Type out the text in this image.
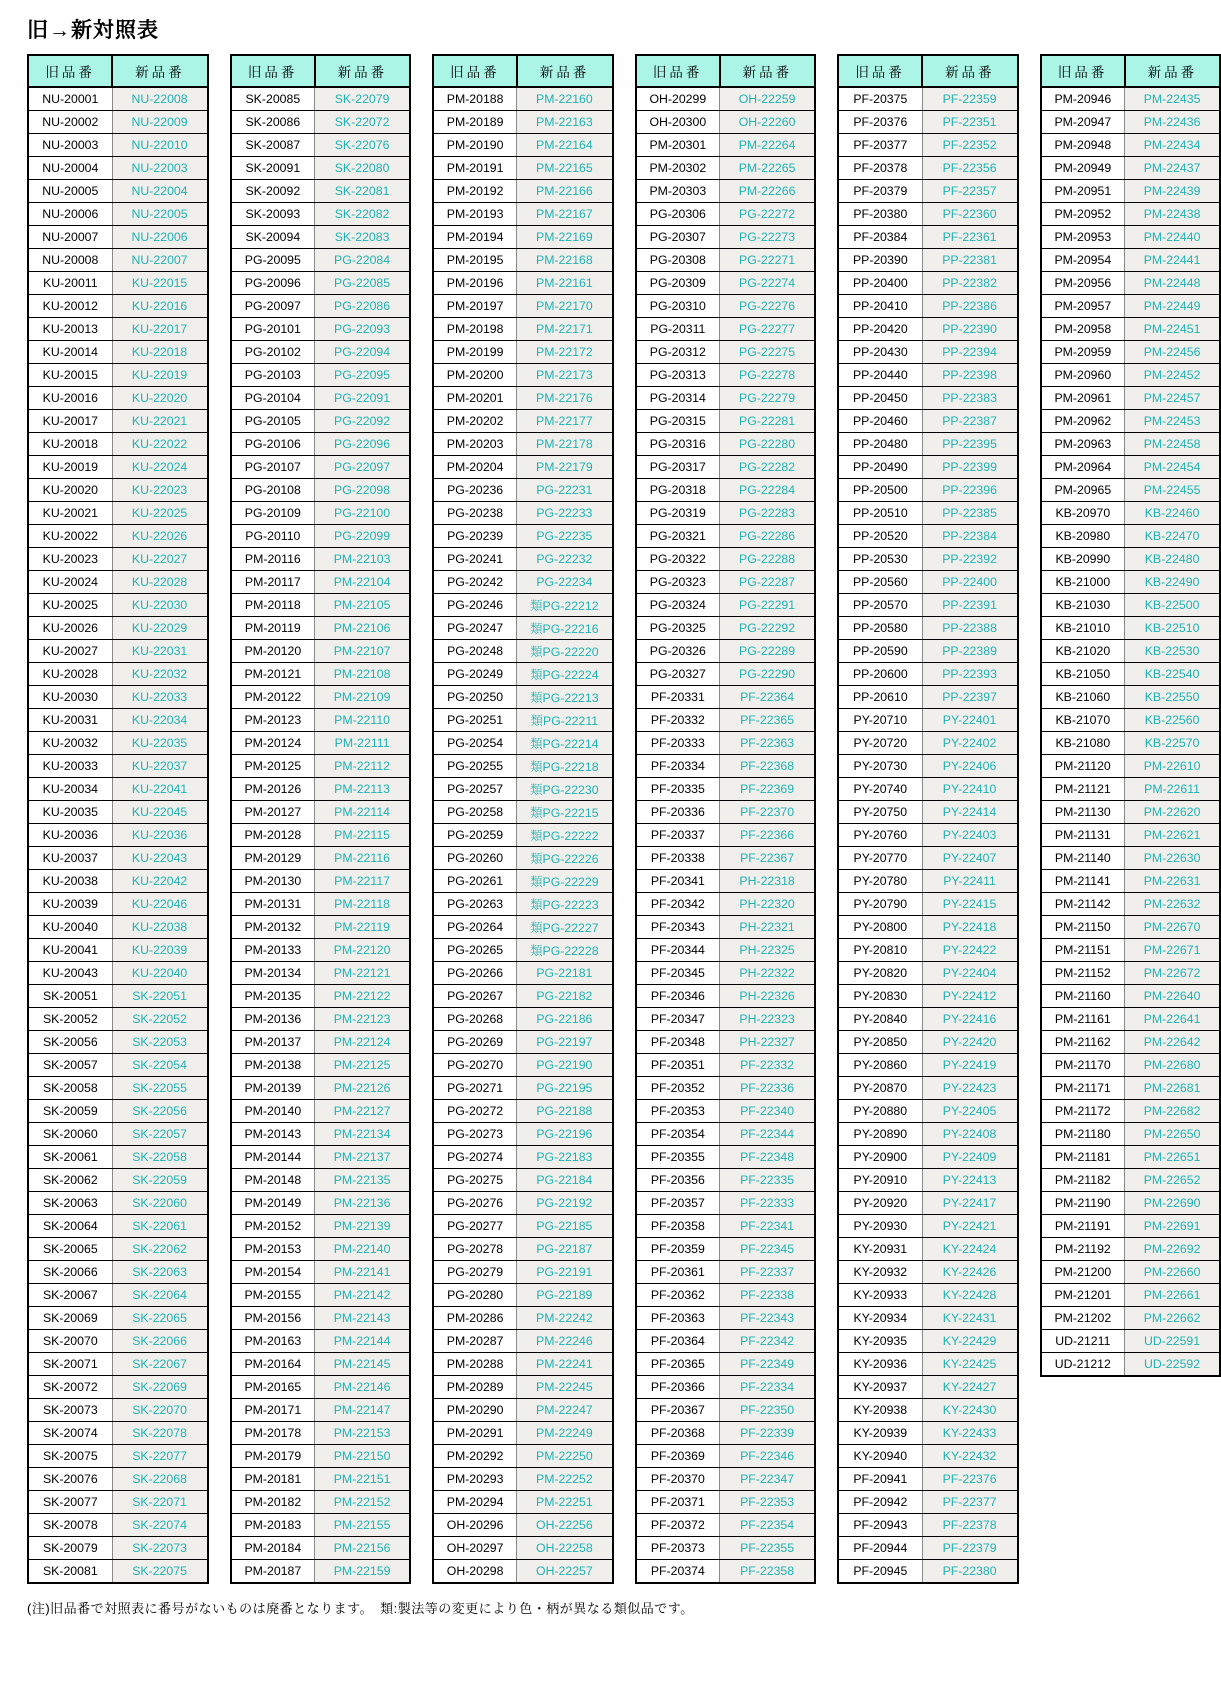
旧→新対照表
旧品番	新品番
NU-20001	NU-22008
NU-20002	NU-22009
NU-20003	NU-22010
NU-20004	NU-22003
NU-20005	NU-22004
NU-20006	NU-22005
NU-20007	NU-22006
NU-20008	NU-22007
KU-20011	KU-22015
KU-20012	KU-22016
KU-20013	KU-22017
KU-20014	KU-22018
KU-20015	KU-22019
KU-20016	KU-22020
KU-20017	KU-22021
KU-20018	KU-22022
KU-20019	KU-22024
KU-20020	KU-22023
KU-20021	KU-22025
KU-20022	KU-22026
KU-20023	KU-22027
KU-20024	KU-22028
KU-20025	KU-22030
KU-20026	KU-22029
KU-20027	KU-22031
KU-20028	KU-22032
KU-20030	KU-22033
KU-20031	KU-22034
KU-20032	KU-22035
KU-20033	KU-22037
KU-20034	KU-22041
KU-20035	KU-22045
KU-20036	KU-22036
KU-20037	KU-22043
KU-20038	KU-22042
KU-20039	KU-22046
KU-20040	KU-22038
KU-20041	KU-22039
KU-20043	KU-22040
SK-20051	SK-22051
SK-20052	SK-22052
SK-20056	SK-22053
SK-20057	SK-22054
SK-20058	SK-22055
SK-20059	SK-22056
SK-20060	SK-22057
SK-20061	SK-22058
SK-20062	SK-22059
SK-20063	SK-22060
SK-20064	SK-22061
SK-20065	SK-22062
SK-20066	SK-22063
SK-20067	SK-22064
SK-20069	SK-22065
SK-20070	SK-22066
SK-20071	SK-22067
SK-20072	SK-22069
SK-20073	SK-22070
SK-20074	SK-22078
SK-20075	SK-22077
SK-20076	SK-22068
SK-20077	SK-22071
SK-20078	SK-22074
SK-20079	SK-22073
SK-20081	SK-22075
旧品番	新品番
SK-20085	SK-22079
SK-20086	SK-22072
SK-20087	SK-22076
SK-20091	SK-22080
SK-20092	SK-22081
SK-20093	SK-22082
SK-20094	SK-22083
PG-20095	PG-22084
PG-20096	PG-22085
PG-20097	PG-22086
PG-20101	PG-22093
PG-20102	PG-22094
PG-20103	PG-22095
PG-20104	PG-22091
PG-20105	PG-22092
PG-20106	PG-22096
PG-20107	PG-22097
PG-20108	PG-22098
PG-20109	PG-22100
PG-20110	PG-22099
PM-20116	PM-22103
PM-20117	PM-22104
PM-20118	PM-22105
PM-20119	PM-22106
PM-20120	PM-22107
PM-20121	PM-22108
PM-20122	PM-22109
PM-20123	PM-22110
PM-20124	PM-22111
PM-20125	PM-22112
PM-20126	PM-22113
PM-20127	PM-22114
PM-20128	PM-22115
PM-20129	PM-22116
PM-20130	PM-22117
PM-20131	PM-22118
PM-20132	PM-22119
PM-20133	PM-22120
PM-20134	PM-22121
PM-20135	PM-22122
PM-20136	PM-22123
PM-20137	PM-22124
PM-20138	PM-22125
PM-20139	PM-22126
PM-20140	PM-22127
PM-20143	PM-22134
PM-20144	PM-22137
PM-20148	PM-22135
PM-20149	PM-22136
PM-20152	PM-22139
PM-20153	PM-22140
PM-20154	PM-22141
PM-20155	PM-22142
PM-20156	PM-22143
PM-20163	PM-22144
PM-20164	PM-22145
PM-20165	PM-22146
PM-20171	PM-22147
PM-20178	PM-22153
PM-20179	PM-22150
PM-20181	PM-22151
PM-20182	PM-22152
PM-20183	PM-22155
PM-20184	PM-22156
PM-20187	PM-22159
旧品番	新品番
PM-20188	PM-22160
PM-20189	PM-22163
PM-20190	PM-22164
PM-20191	PM-22165
PM-20192	PM-22166
PM-20193	PM-22167
PM-20194	PM-22169
PM-20195	PM-22168
PM-20196	PM-22161
PM-20197	PM-22170
PM-20198	PM-22171
PM-20199	PM-22172
PM-20200	PM-22173
PM-20201	PM-22176
PM-20202	PM-22177
PM-20203	PM-22178
PM-20204	PM-22179
PG-20236	PG-22231
PG-20238	PG-22233
PG-20239	PG-22235
PG-20241	PG-22232
PG-20242	PG-22234
PG-20246	類PG-22212
PG-20247	類PG-22216
PG-20248	類PG-22220
PG-20249	類PG-22224
PG-20250	類PG-22213
PG-20251	類PG-22211
PG-20254	類PG-22214
PG-20255	類PG-22218
PG-20257	類PG-22230
PG-20258	類PG-22215
PG-20259	類PG-22222
PG-20260	類PG-22226
PG-20261	類PG-22229
PG-20263	類PG-22223
PG-20264	類PG-22227
PG-20265	類PG-22228
PG-20266	PG-22181
PG-20267	PG-22182
PG-20268	PG-22186
PG-20269	PG-22197
PG-20270	PG-22190
PG-20271	PG-22195
PG-20272	PG-22188
PG-20273	PG-22196
PG-20274	PG-22183
PG-20275	PG-22184
PG-20276	PG-22192
PG-20277	PG-22185
PG-20278	PG-22187
PG-20279	PG-22191
PG-20280	PG-22189
PM-20286	PM-22242
PM-20287	PM-22246
PM-20288	PM-22241
PM-20289	PM-22245
PM-20290	PM-22247
PM-20291	PM-22249
PM-20292	PM-22250
PM-20293	PM-22252
PM-20294	PM-22251
OH-20296	OH-22256
OH-20297	OH-22258
OH-20298	OH-22257
旧品番	新品番
OH-20299	OH-22259
OH-20300	OH-22260
PM-20301	PM-22264
PM-20302	PM-22265
PM-20303	PM-22266
PG-20306	PG-22272
PG-20307	PG-22273
PG-20308	PG-22271
PG-20309	PG-22274
PG-20310	PG-22276
PG-20311	PG-22277
PG-20312	PG-22275
PG-20313	PG-22278
PG-20314	PG-22279
PG-20315	PG-22281
PG-20316	PG-22280
PG-20317	PG-22282
PG-20318	PG-22284
PG-20319	PG-22283
PG-20321	PG-22286
PG-20322	PG-22288
PG-20323	PG-22287
PG-20324	PG-22291
PG-20325	PG-22292
PG-20326	PG-22289
PG-20327	PG-22290
PF-20331	PF-22364
PF-20332	PF-22365
PF-20333	PF-22363
PF-20334	PF-22368
PF-20335	PF-22369
PF-20336	PF-22370
PF-20337	PF-22366
PF-20338	PF-22367
PF-20341	PH-22318
PF-20342	PH-22320
PF-20343	PH-22321
PF-20344	PH-22325
PF-20345	PH-22322
PF-20346	PH-22326
PF-20347	PH-22323
PF-20348	PH-22327
PF-20351	PF-22332
PF-20352	PF-22336
PF-20353	PF-22340
PF-20354	PF-22344
PF-20355	PF-22348
PF-20356	PF-22335
PF-20357	PF-22333
PF-20358	PF-22341
PF-20359	PF-22345
PF-20361	PF-22337
PF-20362	PF-22338
PF-20363	PF-22343
PF-20364	PF-22342
PF-20365	PF-22349
PF-20366	PF-22334
PF-20367	PF-22350
PF-20368	PF-22339
PF-20369	PF-22346
PF-20370	PF-22347
PF-20371	PF-22353
PF-20372	PF-22354
PF-20373	PF-22355
PF-20374	PF-22358
旧品番	新品番
PF-20375	PF-22359
PF-20376	PF-22351
PF-20377	PF-22352
PF-20378	PF-22356
PF-20379	PF-22357
PF-20380	PF-22360
PF-20384	PF-22361
PP-20390	PP-22381
PP-20400	PP-22382
PP-20410	PP-22386
PP-20420	PP-22390
PP-20430	PP-22394
PP-20440	PP-22398
PP-20450	PP-22383
PP-20460	PP-22387
PP-20480	PP-22395
PP-20490	PP-22399
PP-20500	PP-22396
PP-20510	PP-22385
PP-20520	PP-22384
PP-20530	PP-22392
PP-20560	PP-22400
PP-20570	PP-22391
PP-20580	PP-22388
PP-20590	PP-22389
PP-20600	PP-22393
PP-20610	PP-22397
PY-20710	PY-22401
PY-20720	PY-22402
PY-20730	PY-22406
PY-20740	PY-22410
PY-20750	PY-22414
PY-20760	PY-22403
PY-20770	PY-22407
PY-20780	PY-22411
PY-20790	PY-22415
PY-20800	PY-22418
PY-20810	PY-22422
PY-20820	PY-22404
PY-20830	PY-22412
PY-20840	PY-22416
PY-20850	PY-22420
PY-20860	PY-22419
PY-20870	PY-22423
PY-20880	PY-22405
PY-20890	PY-22408
PY-20900	PY-22409
PY-20910	PY-22413
PY-20920	PY-22417
PY-20930	PY-22421
KY-20931	KY-22424
KY-20932	KY-22426
KY-20933	KY-22428
KY-20934	KY-22431
KY-20935	KY-22429
KY-20936	KY-22425
KY-20937	KY-22427
KY-20938	KY-22430
KY-20939	KY-22433
KY-20940	KY-22432
PF-20941	PF-22376
PF-20942	PF-22377
PF-20943	PF-22378
PF-20944	PF-22379
PF-20945	PF-22380
旧品番	新品番
PM-20946	PM-22435
PM-20947	PM-22436
PM-20948	PM-22434
PM-20949	PM-22437
PM-20951	PM-22439
PM-20952	PM-22438
PM-20953	PM-22440
PM-20954	PM-22441
PM-20956	PM-22448
PM-20957	PM-22449
PM-20958	PM-22451
PM-20959	PM-22456
PM-20960	PM-22452
PM-20961	PM-22457
PM-20962	PM-22453
PM-20963	PM-22458
PM-20964	PM-22454
PM-20965	PM-22455
KB-20970	KB-22460
KB-20980	KB-22470
KB-20990	KB-22480
KB-21000	KB-22490
KB-21030	KB-22500
KB-21010	KB-22510
KB-21020	KB-22530
KB-21050	KB-22540
KB-21060	KB-22550
KB-21070	KB-22560
KB-21080	KB-22570
PM-21120	PM-22610
PM-21121	PM-22611
PM-21130	PM-22620
PM-21131	PM-22621
PM-21140	PM-22630
PM-21141	PM-22631
PM-21142	PM-22632
PM-21150	PM-22670
PM-21151	PM-22671
PM-21152	PM-22672
PM-21160	PM-22640
PM-21161	PM-22641
PM-21162	PM-22642
PM-21170	PM-22680
PM-21171	PM-22681
PM-21172	PM-22682
PM-21180	PM-22650
PM-21181	PM-22651
PM-21182	PM-22652
PM-21190	PM-22690
PM-21191	PM-22691
PM-21192	PM-22692
PM-21200	PM-22660
PM-21201	PM-22661
PM-21202	PM-22662
UD-21211	UD-22591
UD-21212	UD-22592

(注)旧品番で対照表に番号がないものは廃番となります。　類:製法等の変更により色・柄が異なる類似品です。
